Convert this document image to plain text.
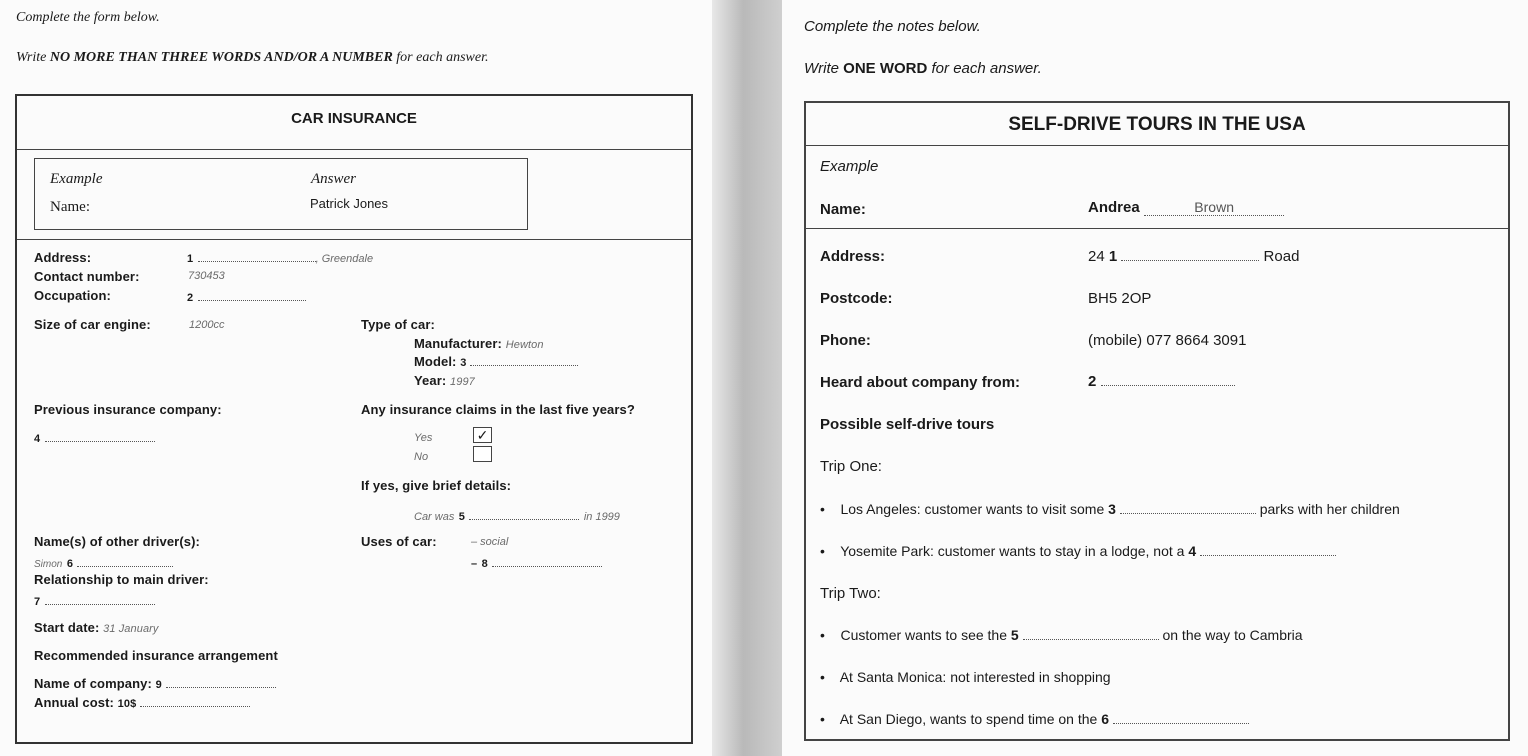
Complete the form below.
Write NO MORE THAN THREE WORDS AND/OR A NUMBER for each answer.
CAR INSURANCE
Example	Answer
Name:	Patrick Jones
Address:	1	, Greendale
Contact number:	730453
Occupation:	2
Size of car engine:	1200cc	Type of car:
Manufacturer: Hewton
Model: 3
Year: 1997
Previous insurance company:
4
Any insurance claims in the last five years?
Yes	✓
No
If yes, give brief details:
Car was 5	in 1999
Name(s) of other driver(s):
Simon 6
Uses of car:	– social
– 8
Relationship to main driver:
7
Start date: 31 January
Recommended insurance arrangement
Name of company: 9
Annual cost: 10$
Complete the notes below.
Write ONE WORD for each answer.
SELF-DRIVE TOURS IN THE USA
Example
Name:	Andrea	Brown
Address:	24 1	Road
Postcode:	BH5 2OP
Phone:	(mobile) 077 8664 3091
Heard about company from:	2
Possible self-drive tours
Trip One:
• Los Angeles: customer wants to visit some 3	parks with her children
• Yosemite Park: customer wants to stay in a lodge, not a 4
Trip Two:
• Customer wants to see the 5	on the way to Cambria
• At Santa Monica: not interested in shopping
• At San Diego, wants to spend time on the 6
